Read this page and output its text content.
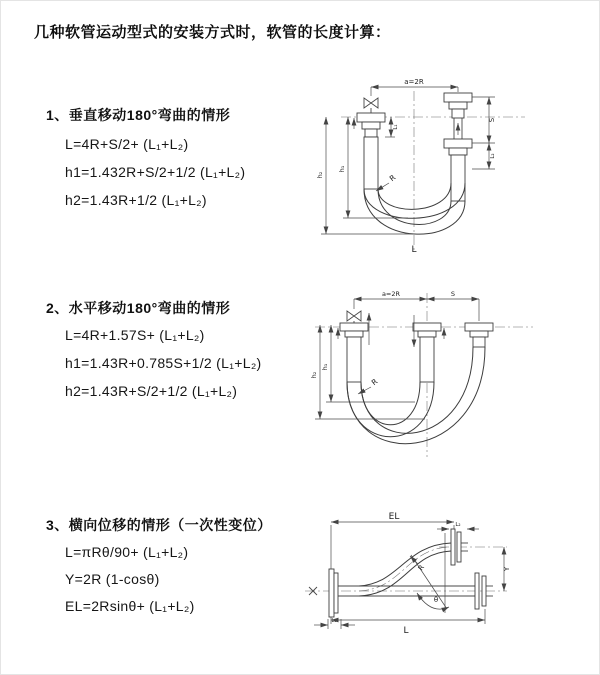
几种软管运动型式的安装方式时，软管的长度计算：
1、垂直移动180°弯曲的情形

L=4R+S/2+ (L₁+L₂)

h1=1.432R+S/2+1/2 (L₁+L₂)

h2=1.43R+1/2 (L₁+L₂)

2、水平移动180°弯曲的情形

L=4R+1.57S+ (L₁+L₂)

h1=1.43R+0.785S+1/2 (L₁+L₂)

h2=1.43R+S/2+1/2 (L₁+L₂)

3、横向位移的情形（一次性变位）

L=πRθ/90+ (L₁+L₂)

Y=2R (1-cosθ)

EL=2Rsinθ+ (L₁+L₂)

a=2R
S
L₂
L₁
h₂
h₁
R
L
a=2R	S
h₂
h₁
R
EL
L₂
Y
θ
R
L₁
L
